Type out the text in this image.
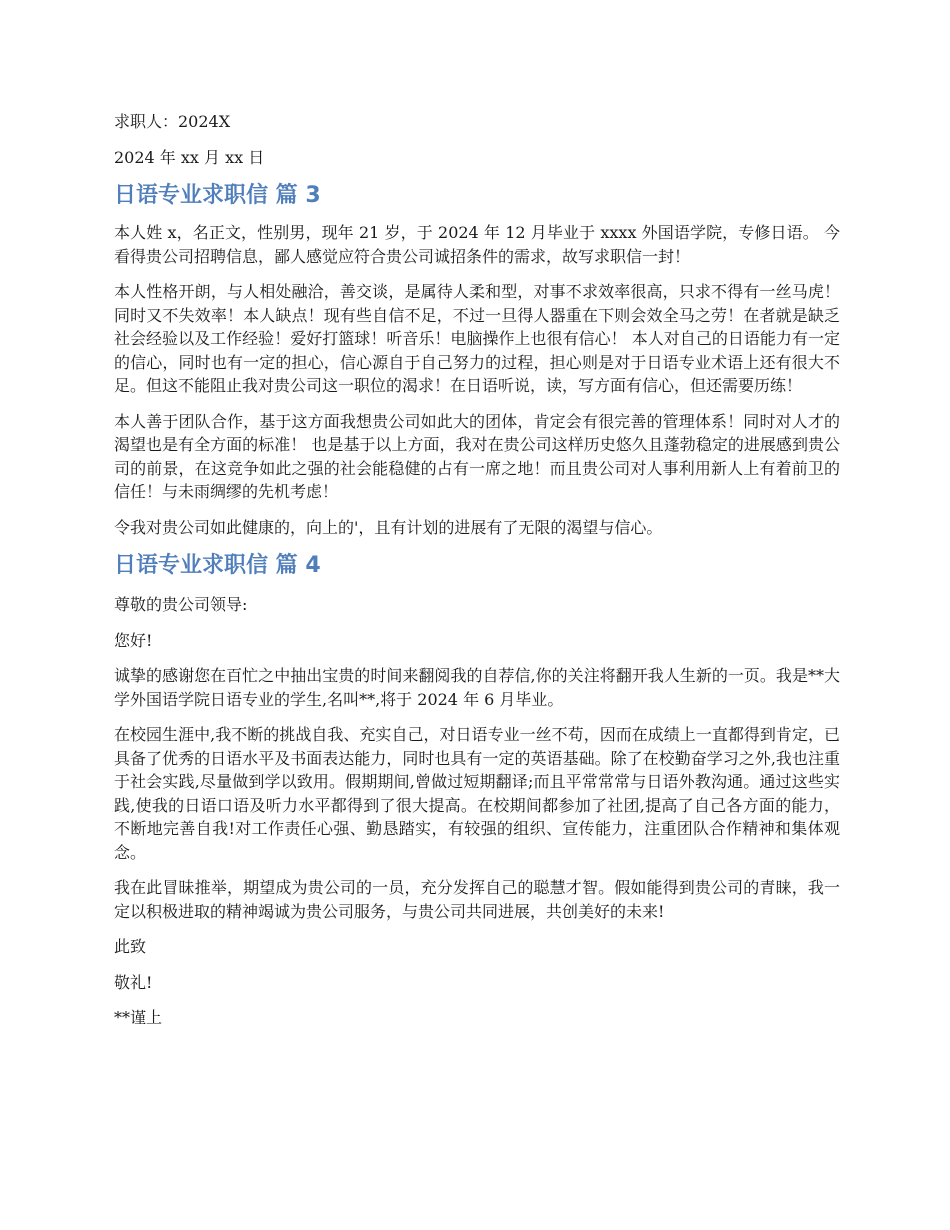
求职人：2024X

2024 年 xx 月 xx 日

日语专业求职信 篇 3

本人姓 x，名正文，性别男，现年 21 岁，于 2024 年 12 月毕业于 xxxx 外国语学院，专修日语。 今看得贵公司招聘信息，鄙人感觉应符合贵公司诚招条件的需求，故写求职信一封！

本人性格开朗，与人相处融洽，善交谈，是属待人柔和型，对事不求效率很高，只求不得有一丝马虎！同时又不失效率！本人缺点！现有些自信不足，不过一旦得人器重在下则会效全马之劳！在者就是缺乏社会经验以及工作经验！爱好打篮球！听音乐！电脑操作上也很有信心！ 本人对自己的日语能力有一定的信心，同时也有一定的担心，信心源自于自己努力的过程，担心则是对于日语专业术语上还有很大不足。但这不能阻止我对贵公司这一职位的渴求！在日语听说，读，写方面有信心，但还需要历练！

本人善于团队合作，基于这方面我想贵公司如此大的团体，肯定会有很完善的管理体系！同时对人才的渴望也是有全方面的标准！ 也是基于以上方面，我对在贵公司这样历史悠久且蓬勃稳定的进展感到贵公司的前景，在这竞争如此之强的社会能稳健的占有一席之地！而且贵公司对人事利用新人上有着前卫的信任！与未雨绸缪的先机考虑！

令我对贵公司如此健康的，向上的'，且有计划的进展有了无限的渴望与信心。

日语专业求职信 篇 4

尊敬的贵公司领导:

您好!

诚挚的感谢您在百忙之中抽出宝贵的时间来翻阅我的自荐信,你的关注将翻开我人生新的一页。我是**大学外国语学院日语专业的学生,名叫**,将于 2024 年 6 月毕业。

在校园生涯中,我不断的挑战自我、充实自己，对日语专业一丝不苟，因而在成绩上一直都得到肯定，已具备了优秀的日语水平及书面表达能力，同时也具有一定的英语基础。除了在校勤奋学习之外,我也注重于社会实践,尽量做到学以致用。假期期间,曾做过短期翻译;而且平常常常与日语外教沟通。通过这些实践,使我的日语口语及听力水平都得到了很大提高。在校期间都参加了社团,提高了自己各方面的能力，不断地完善自我!对工作责任心强、勤恳踏实，有较强的组织、宣传能力，注重团队合作精神和集体观念。

我在此冒昧推举，期望成为贵公司的一员，充分发挥自己的聪慧才智。假如能得到贵公司的青睐，我一定以积极进取的精神竭诚为贵公司服务，与贵公司共同进展，共创美好的未来!

此致

敬礼!

**谨上
